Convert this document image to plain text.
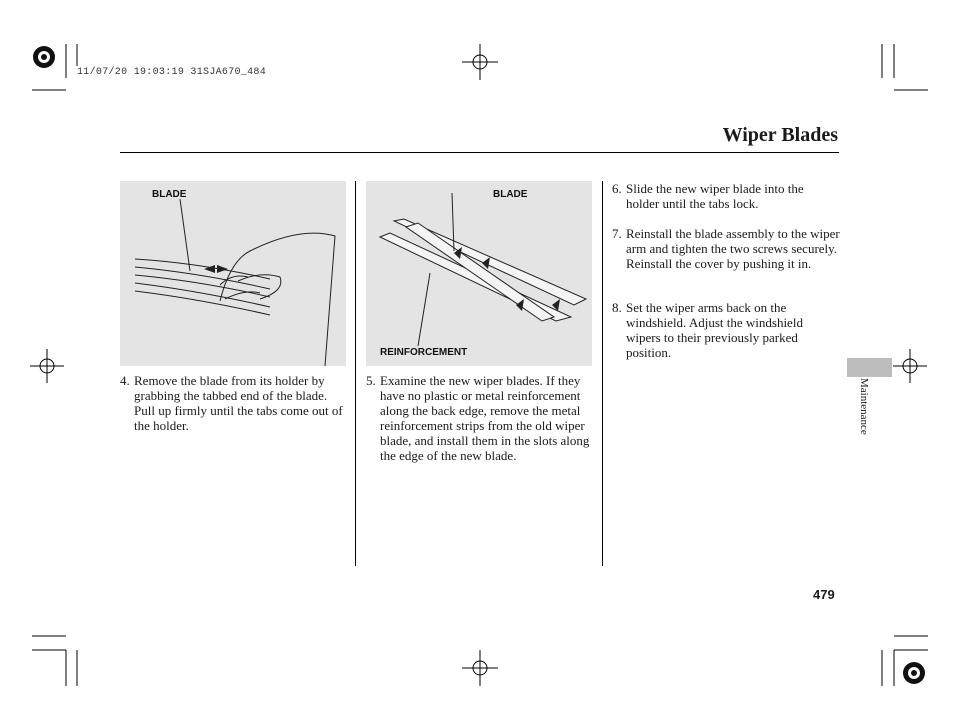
11/07/20 19:03:19 31SJA670_484
Wiper Blades
BLADE	BLADE
REINFORCEMENT
4. Remove the blade from its holder by grabbing the tabbed end of the blade. Pull up firmly until the tabs come out of the holder.
5. Examine the new wiper blades. If they have no plastic or metal reinforcement along the back edge, remove the metal reinforcement strips from the old wiper blade, and install them in the slots along the edge of the new blade.
6. Slide the new wiper blade into the holder until the tabs lock.
7. Reinstall the blade assembly to the wiper arm and tighten the two screws securely. Reinstall the cover by pushing it in.
8. Set the wiper arms back on the windshield. Adjust the windshield wipers to their previously parked position.
Maintenance
479
